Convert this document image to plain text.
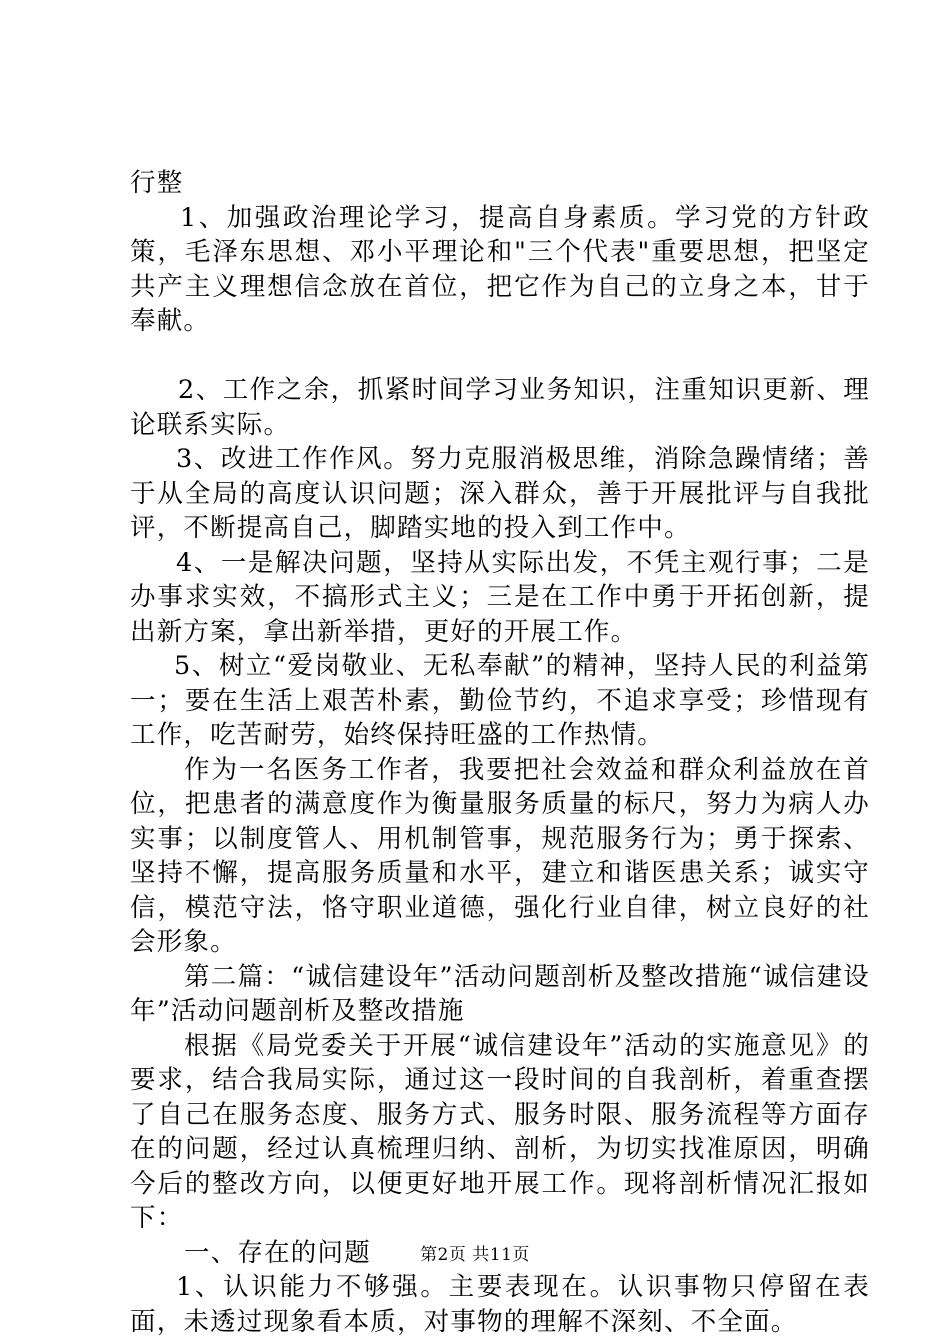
行整

1、加强政治理论学习，提高自身素质。学习党的方针政策，毛泽东思想、邓小平理论和"三个代表"重要思想，把坚定共产主义理想信念放在首位，把它作为自己的立身之本，甘于奉献。

2、工作之余，抓紧时间学习业务知识，注重知识更新、理论联系实际。

3、改进工作作风。努力克服消极思维，消除急躁情绪；善于从全局的高度认识问题；深入群众，善于开展批评与自我批评，不断提高自己，脚踏实地的投入到工作中。

4、一是解决问题，坚持从实际出发，不凭主观行事；二是办事求实效，不搞形式主义；三是在工作中勇于开拓创新，提出新方案，拿出新举措，更好的开展工作。

5、树立“爱岗敬业、无私奉献”的精神，坚持人民的利益第一；要在生活上艰苦朴素，勤俭节约，不追求享受；珍惜现有工作，吃苦耐劳，始终保持旺盛的工作热情。

作为一名医务工作者，我要把社会效益和群众利益放在首位，把患者的满意度作为衡量服务质量的标尺，努力为病人办实事；以制度管人、用机制管事，规范服务行为；勇于探索、坚持不懈，提高服务质量和水平，建立和谐医患关系；诚实守信，模范守法，恪守职业道德，强化行业自律，树立良好的社会形象。

第二篇：“诚信建设年”活动问题剖析及整改措施“诚信建设年”活动问题剖析及整改措施

根据《局党委关于开展“诚信建设年”活动的实施意见》的要求，结合我局实际，通过这一段时间的自我剖析，着重查摆了自己在服务态度、服务方式、服务时限、服务流程等方面存在的问题，经过认真梳理归纳、剖析，为切实找准原因，明确今后的整改方向，以便更好地开展工作。现将剖析情况汇报如下：

一、存在的问题

1、认识能力不够强。主要表现在。认识事物只停留在表面，未透过现象看本质，对事物的理解不深刻、不全面。

第2页 共11页
